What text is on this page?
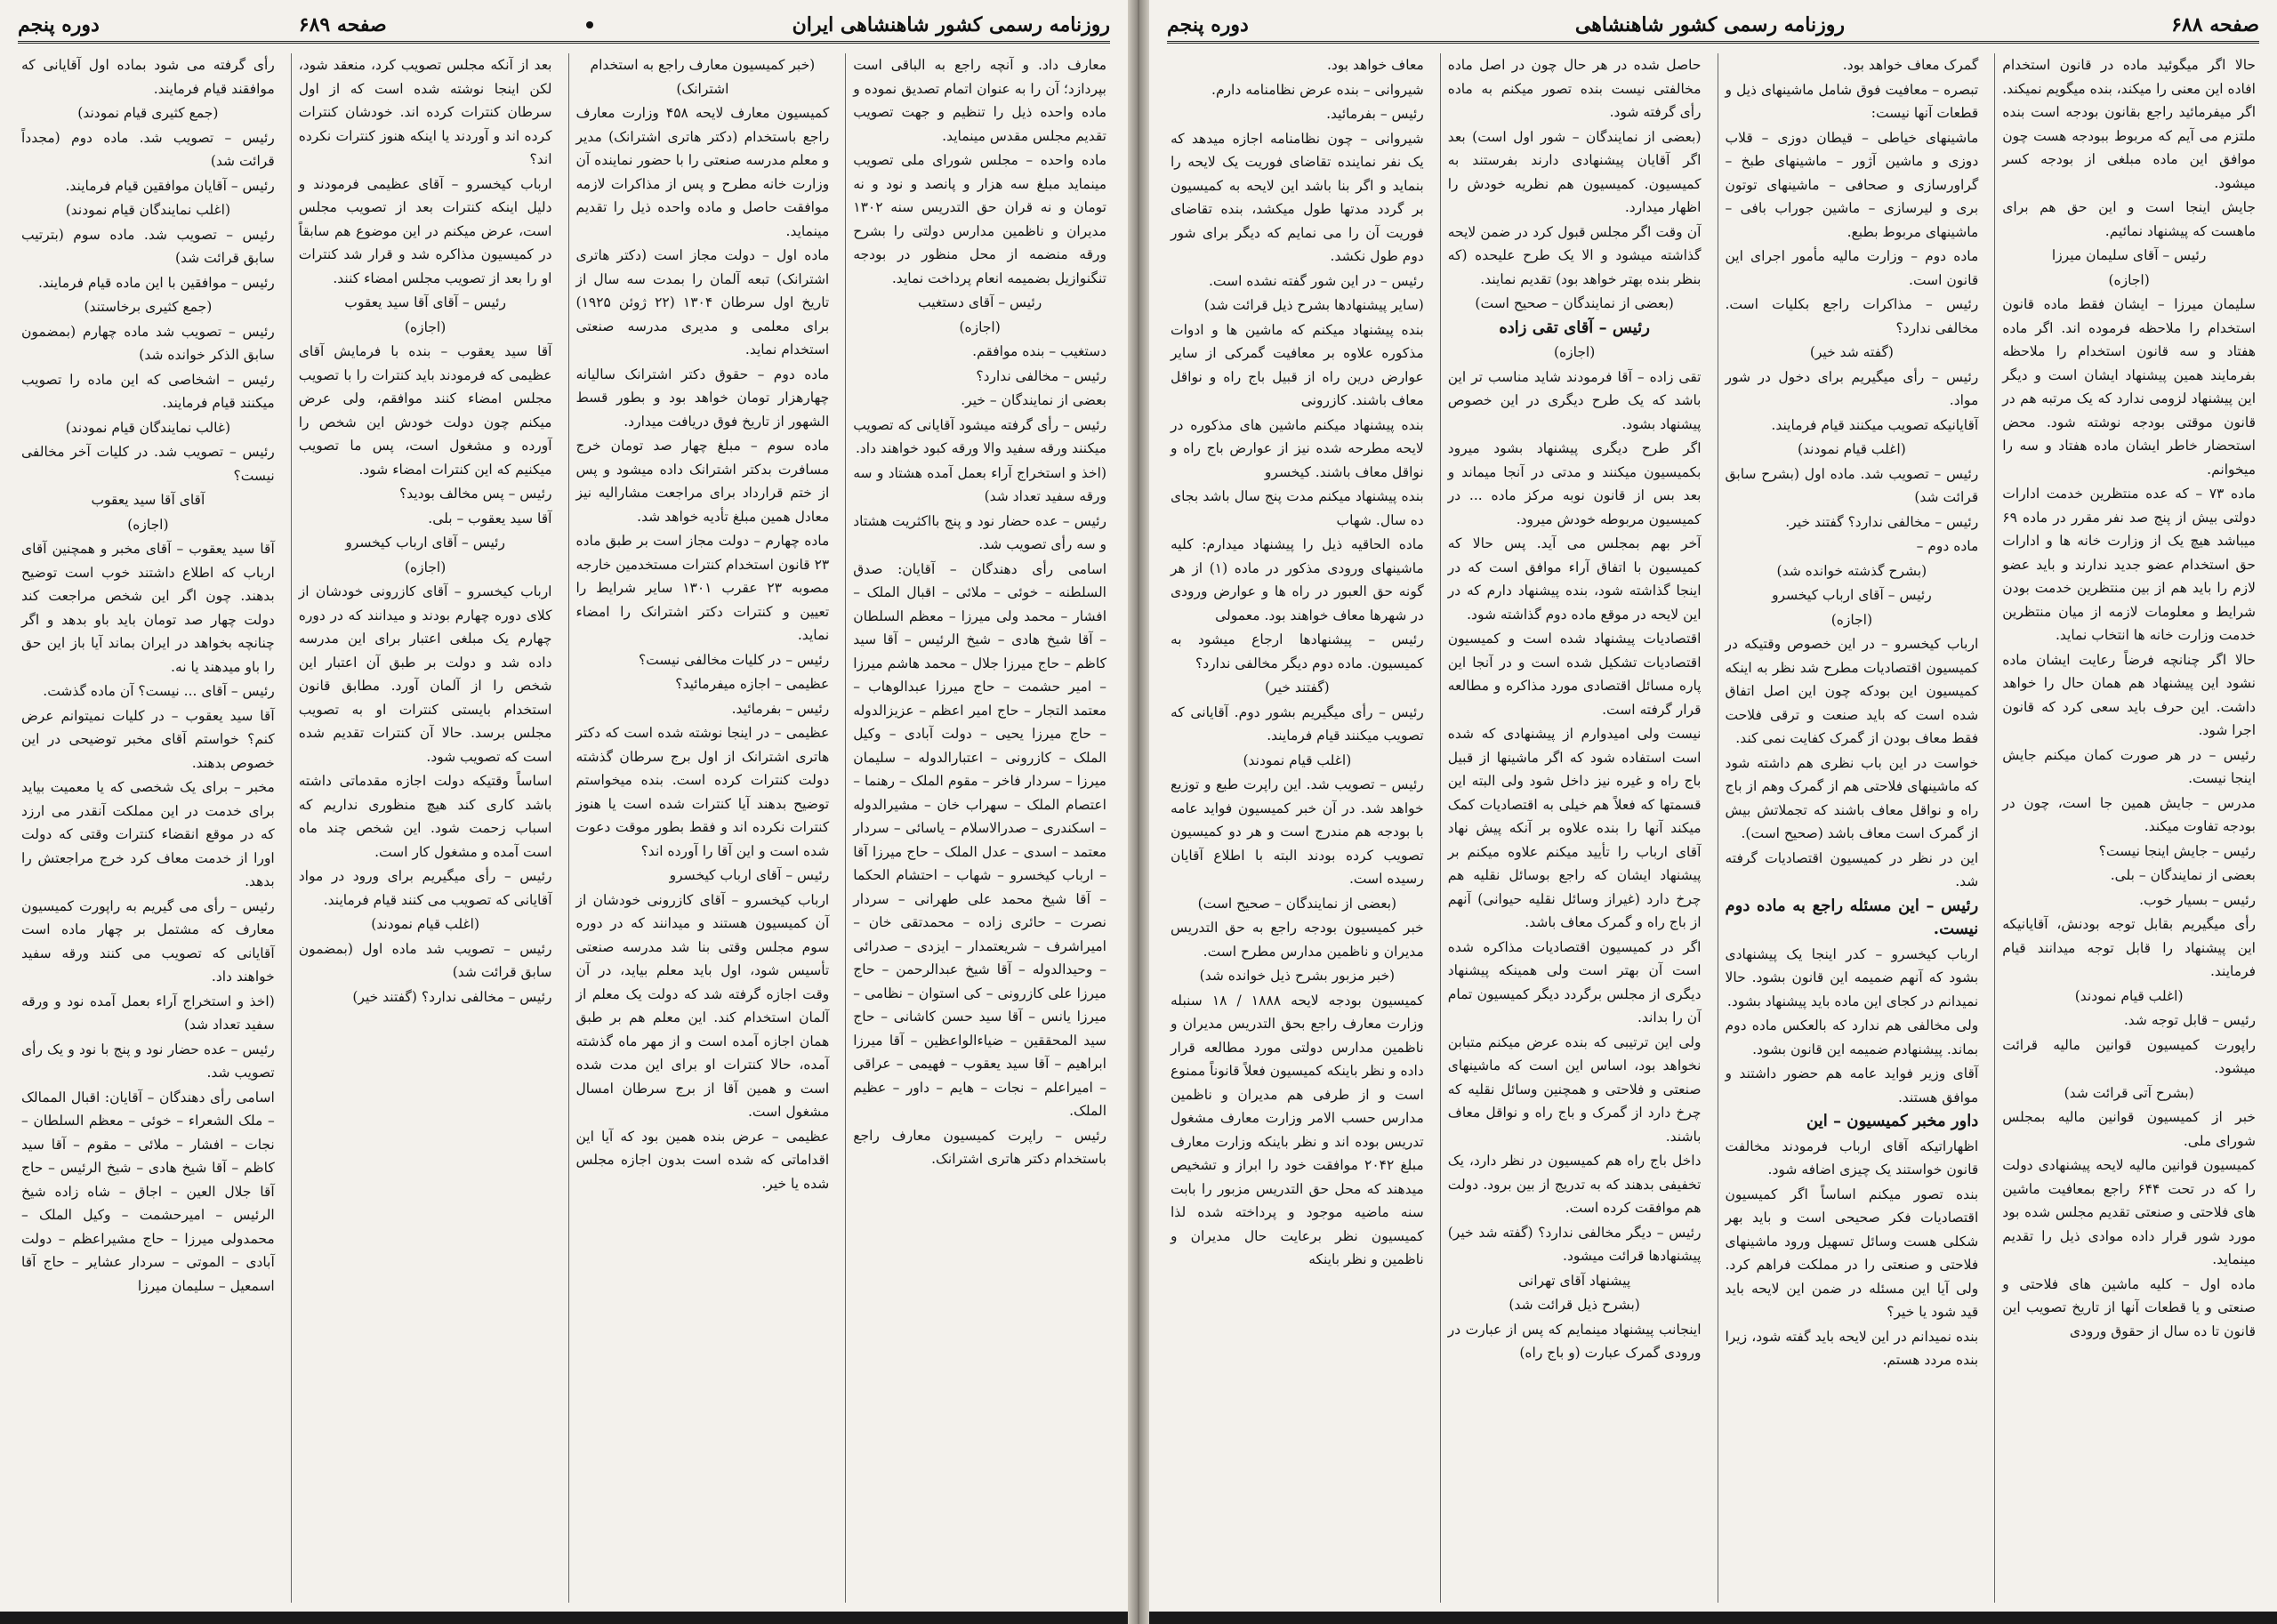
روزنامه رسمی کشور شاهنشاهی ایران
صفحه ۶۸۹
دوره پنجم

معارف داد. و آنچه راجع به الباقی است بپردازد؛ آن را به عنوان اتمام تصدیق نموده و ماده واحده ذیل را تنظیم و جهت تصویب تقدیم مجلس مقدس مینماید.

ماده واحده – مجلس شورای ملی تصویب مینماید مبلغ سه هزار و پانصد و نود و نه تومان و نه قران حق التدریس سنه ۱۳۰۲ مدیران و ناظمین مدارس دولتی را بشرح ورقه منضمه از محل منظور در بودجه تنگنوازیل بضمیمه انعام پرداخت نماید.

رئیس – آقای دستغیب

(اجازه)

دستغیب – بنده موافقم.

رئیس – مخالفی ندارد؟

بعضی از نمایندگان – خیر.

رئیس – رأی گرفته میشود آقایانی که تصویب میکنند ورقه سفید والا ورقه کبود خواهند داد.

(اخذ و استخراج آراء بعمل آمده هشتاد و سه ورقه سفید تعداد شد)

رئیس – عده حضار نود و پنج بااکثریت هشتاد و سه رأی تصویب شد.

اسامی رأی دهندگان – آقایان: صدق السلطنه – خوئی – ملائی – اقبال الملک – افشار – محمد ولی میرزا – معظم السلطان – آقا شیخ هادی – شیخ الرئیس – آقا سید کاظم – حاج میرزا جلال – محمد هاشم میرزا – امیر حشمت – حاج میرزا عبدالوهاب – معتمد التجار – حاج امیر اعظم – عزیزالدوله – حاج میرزا یحیی – دولت آبادی – وکیل الملک – کازرونی – اعتبارالدوله – سلیمان میرزا – سردار فاخر – مقوم الملک – رهنما – اعتصام الملک – سهراب خان – مشیرالدوله – اسکندری – صدرالاسلام – یاسائی – سردار معتمد – اسدی – عدل الملک – حاج میرزا آقا – ارباب کیخسرو – شهاب – احتشام الحکما – آقا شیخ محمد علی طهرانی – سردار نصرت – حائری زاده – محمدتقی خان – امیراشرف – شریعتمدار – ایزدی – صدرائی – وحیدالدوله – آقا شیخ عبدالرحمن – حاج میرزا علی کازرونی – کی استوان – نظامی – میرزا یانس – آقا سید حسن کاشانی – حاج سید المحققین – ضیاءالواعظین – آقا میرزا ابراهیم – آقا سید یعقوب – فهیمی – عراقی – امیراعلم – نجات – هایم – داور – عظیم الملک.

رئیس – راپرت کمیسیون معارف راجع باستخدام دکتر هاتری اشترانک.

(خبر کمیسیون معارف راجع به استخدام اشترانک)

کمیسیون معارف لایحه ۴۵۸ وزارت معارف راجع باستخدام (دکتر هاتری اشترانک) مدیر و معلم مدرسه صنعتی را با حضور نماینده آن وزارت خانه مطرح و پس از مذاکرات لازمه موافقت حاصل و ماده واحده ذیل را تقدیم مینماید.

ماده اول – دولت مجاز است (دکتر هاتری اشترانک) تبعه آلمان را بمدت سه سال از تاریخ اول سرطان ۱۳۰۴ (۲۲ ژوئن ۱۹۲۵) برای معلمی و مدیری مدرسه صنعتی استخدام نماید.

ماده دوم – حقوق دکتر اشترانک سالیانه چهارهزار تومان خواهد بود و بطور قسط الشهور از تاریخ فوق دریافت میدارد.

ماده سوم – مبلغ چهار صد تومان خرج مسافرت بدکتر اشترانک داده میشود و پس از ختم قرارداد برای مراجعت مشارالیه نیز معادل همین مبلغ تأدیه خواهد شد.

ماده چهارم – دولت مجاز است بر طبق ماده ۲۳ قانون استخدام کنترات مستخدمین خارجه مصوبه ۲۳ عقرب ۱۳۰۱ سایر شرایط را تعیین و کنترات دکتر اشترانک را امضاء نماید.

رئیس – در کلیات مخالفی نیست؟

عظیمی – اجازه میفرمائید؟

رئیس – بفرمائید.

عظیمی – در اینجا نوشته شده است که دکتر هاتری اشترانک از اول برج سرطان گذشته دولت کنترات کرده است. بنده میخواستم توضیح بدهند آیا کنترات شده است یا هنوز کنترات نکرده اند و فقط بطور موقت دعوت شده است و این آقا را آورده اند؟

رئیس – آقای ارباب کیخسرو

ارباب کیخسرو – آقای کازرونی خودشان از آن کمیسیون هستند و میدانند که در دوره سوم مجلس وقتی بنا شد مدرسه صنعتی تأسیس شود، اول باید معلم بیاید، در آن وقت اجازه گرفته شد که دولت یک معلم از آلمان استخدام کند. این معلم هم بر طبق همان اجازه آمده است و از مهر ماه گذشته آمده، حالا کنترات او برای این مدت شده است و همین آقا از برج سرطان امسال مشغول است.

عظیمی – عرض بنده همین بود که آیا این اقداماتی که شده است بدون اجازه مجلس شده یا خیر.

بعد از آنکه مجلس تصویب کرد، منعقد شود، لکن اینجا نوشته شده است که از اول سرطان کنترات کرده اند. خودشان کنترات کرده اند و آوردند یا اینکه هنوز کنترات نکرده اند؟

ارباب کیخسرو – آقای عظیمی فرمودند و دلیل اینکه کنترات بعد از تصویب مجلس است، عرض میکنم در این موضوع هم سابقاً در کمیسیون مذاکره شد و قرار شد کنترات او را بعد از تصویب مجلس امضاء کنند.

رئیس – آقای آقا سید یعقوب

(اجازه)

آقا سید یعقوب – بنده با فرمایش آقای عظیمی که فرمودند باید کنترات را با تصویب مجلس امضاء کنند موافقم، ولی عرض میکنم چون دولت خودش این شخص را آورده و مشغول است، پس ما تصویب میکنیم که این کنترات امضاء شود.

رئیس – پس مخالف بودید؟

آقا سید یعقوب – بلی.

رئیس – آقای ارباب کیخسرو

(اجازه)

ارباب کیخسرو – آقای کازرونی خودشان از کلای دوره چهارم بودند و میدانند که در دوره چهارم یک مبلغی اعتبار برای این مدرسه داده شد و دولت بر طبق آن اعتبار این شخص را از آلمان آورد. مطابق قانون استخدام بایستی کنترات او به تصویب مجلس برسد. حالا آن کنترات تقدیم شده است که تصویب شود.

اساساً وقتیکه دولت اجازه مقدماتی داشته باشد کاری کند هیچ منظوری نداریم که اسباب زحمت شود. این شخص چند ماه است آمده و مشغول کار است.

رئیس – رأی میگیریم برای ورود در مواد آقایانی که تصویب می کنند قیام فرمایند.

(اغلب قیام نمودند)

رئیس – تصویب شد ماده اول (بمضمون سابق قرائت شد)

رئیس – مخالفی ندارد؟ (گفتند خیر)

رأی گرفته می شود بماده اول آقایانی که موافقند قیام فرمایند.

(جمع کثیری قیام نمودند)

رئیس – تصویب شد. ماده دوم (مجدداً قرائت شد)

رئیس – آقایان موافقین قیام فرمایند.

(اغلب نمایندگان قیام نمودند)

رئیس – تصویب شد. ماده سوم (بترتیب سابق قرائت شد)

رئیس – موافقین با این ماده قیام فرمایند.

(جمع کثیری برخاستند)

رئیس – تصویب شد ماده چهارم (بمضمون سابق الذکر خوانده شد)

رئیس – اشخاصی که این ماده را تصویب میکنند قیام فرمایند.

(غالب نمایندگان قیام نمودند)

رئیس – تصویب شد. در کلیات آخر مخالفی نیست؟

آقای آقا سید یعقوب

(اجازه)

آقا سید یعقوب – آقای مخبر و همچنین آقای ارباب که اطلاع داشتند خوب است توضیح بدهند. چون اگر این شخص مراجعت کند دولت چهار صد تومان باید باو بدهد و اگر چنانچه بخواهد در ایران بماند آیا باز این حق را باو میدهند یا نه.

رئیس – آقای ... نیست؟ آن ماده گذشت.

آقا سید یعقوب – در کلیات نمیتوانم عرض کنم؟ خواستم آقای مخبر توضیحی در این خصوص بدهند.

مخبر – برای یک شخصی که یا معمیت بیاید برای خدمت در این مملکت آنقدر می ارزد که در موقع انقضاء کنترات وقتی که دولت اورا از خدمت معاف کرد خرج مراجعتش را بدهد.

رئیس – رأی می گیریم به راپورت کمیسیون معارف که مشتمل بر چهار ماده است آقایانی که تصویب می کنند ورقه سفید خواهند داد.

(اخذ و استخراج آراء بعمل آمده نود و ورقه سفید تعداد شد)

رئیس – عده حضار نود و پنج با نود و یک رأی تصویب شد.

اسامی رأی دهندگان – آقایان: اقبال الممالک – ملک الشعراء – خوئی – معظم السلطان – نجات – افشار – ملائی – مقوم – آقا سید کاظم – آقا شیخ هادی – شیخ الرئیس – حاج آقا جلال العین – اجاق – شاه زاده شیخ الرئیس – امیرحشمت – وکیل الملک – محمدولی میرزا – حاج مشیراعظم – دولت آبادی – الموتی – سردار عشایر – حاج آقا اسمعیل – سلیمان میرزا

صفحه ۶۸۸
روزنامه رسمی کشور شاهنشاهی
دوره پنجم

حالا اگر میگوئید ماده در قانون استخدام افاده این معنی را میکند، بنده میگویم نمیکند. اگر میفرمائید راجع بقانون بودجه است بنده ملتزم می آیم که مربوط ببودجه هست چون موافق این ماده مبلغی از بودجه کسر میشود.

جایش اینجا است و این حق هم برای ماهست که پیشنهاد نمائیم.

رئیس – آقای سلیمان میرزا

(اجازه)

سلیمان میرزا – ایشان فقط ماده قانون استخدام را ملاحظه فرموده اند. اگر ماده هفتاد و سه قانون استخدام را ملاحظه بفرمایند همین پیشنهاد ایشان است و دیگر این پیشنهاد لزومی ندارد که یک مرتبه هم در قانون موقتی بودجه نوشته شود. محض استحضار خاطر ایشان ماده هفتاد و سه را میخوانم.

ماده ۷۳ – که عده منتظرین خدمت ادارات دولتی بیش از پنج صد نفر مقرر در ماده ۶۹ میباشد هیچ یک از وزارت خانه ها و ادارات حق استخدام عضو جدید ندارند و باید عضو لازم را باید هم از بین منتظرین خدمت بودن شرایط و معلومات لازمه از میان منتظرین خدمت وزارت خانه ها انتخاب نماید.

حالا اگر چنانچه فرضاً رعایت ایشان ماده نشود این پیشنهاد هم همان حال را خواهد داشت. این حرف باید سعی کرد که قانون اجرا شود.

رئیس – در هر صورت کمان میکنم جایش اینجا نیست.

مدرس – جایش همین جا است، چون در بودجه تفاوت میکند.

رئیس – جایش اینجا نیست؟

بعضی از نمایندگان – بلی.

رئیس – بسیار خوب.

رأی میگیریم بقابل توجه بودنش، آقایانیکه این پیشنهاد را قابل توجه میدانند قیام فرمایند.

(اغلب قیام نمودند)

رئیس – قابل توجه شد.

راپورت کمیسیون قوانین مالیه قرائت میشود.

(بشرح آتی قرائت شد)

خبر از کمیسیون قوانین مالیه بمجلس شورای ملی.

کمیسیون قوانین مالیه لایحه پیشنهادی دولت را که در تحت ۶۴۴ راجع بمعافیت ماشین های فلاحتی و صنعتی تقدیم مجلس شده بود مورد شور قرار داده موادی ذیل را تقدیم مینماید.

ماده اول – کلیه ماشین های فلاحتی و صنعتی و یا قطعات آنها از تاریخ تصویب این قانون تا ده سال از حقوق ورودی

گمرک معاف خواهد بود.

تبصره – معافیت فوق شامل ماشینهای ذیل و قطعات آنها نیست:

ماشینهای خیاطی – قیطان دوزی – قلاب دوزی و ماشین آژور – ماشینهای طبخ – گراورسازی و صحافی – ماشینهای توتون بری و لیرسازی – ماشین جوراب بافی – ماشینهای مربوط بطبع.

ماده دوم – وزارت مالیه مأمور اجرای این قانون است.

رئیس – مذاکرات راجع بکلیات است. مخالفی ندارد؟

(گفته شد خیر)

رئیس – رأی میگیریم برای دخول در شور مواد.

آقایانیکه تصویب میکنند قیام فرمایند.

(اغلب قیام نمودند)

رئیس – تصویب شد. ماده اول (بشرح سابق قرائت شد)

رئیس – مخالفی ندارد؟ گفتند خیر.

ماده دوم –

(بشرح گذشته خوانده شد)

رئیس – آقای ارباب کیخسرو

(اجازه)

ارباب کیخسرو – در این خصوص وقتیکه در کمیسیون اقتصادیات مطرح شد نظر به اینکه کمیسیون این بودکه چون این اصل اتفاق شده است که باید صنعت و ترقی فلاحت فقط معاف بودن از گمرک کفایت نمی کند.

خواست در این باب نظری هم داشته شود که ماشینهای فلاحتی هم از گمرک وهم از باج راه و نواقل معاف باشند که تجملاتش بیش از گمرک است معاف باشد (صحیح است).

این در نظر در کمیسیون اقتصادیات گرفته شد.

رئیس – این مسئله راجع به ماده دوم نیست.

ارباب کیخسرو – کدر اینجا یک پیشنهادی بشود که آنهم ضمیمه این قانون بشود. حالا نمیدانم در کجای این ماده باید پیشنهاد بشود.

ولی مخالفی هم ندارد که بالعکس ماده دوم بماند. پیشنهادم ضمیمه این قانون بشود.

آقای وزیر فواید عامه هم حضور داشتند و موافق هستند.

داور مخبر کمیسیون – این

اظهاراتیکه آقای ارباب فرمودند مخالفت قانون خواستند یک چیزی اضافه شود.

بنده تصور میکنم اساساً اگر کمیسیون اقتصادیات فکر صحیحی است و باید بهر شکلی هست وسائل تسهیل ورود ماشینهای فلاحتی و صنعتی را در مملکت فراهم کرد. ولی آیا این مسئله در ضمن این لایحه باید قید شود یا خیر؟

بنده نمیدانم در این لایحه باید گفته شود، زیرا بنده مردد هستم.

حاصل شده در هر حال چون در اصل ماده مخالفتی نیست بنده تصور میکنم به ماده رأی گرفته شود.

(بعضی از نمایندگان – شور اول است) بعد اگر آقایان پیشنهادی دارند بفرستند به کمیسیون. کمیسیون هم نظریه خودش را اظهار میدارد.

آن وقت اگر مجلس قبول کرد در ضمن لایحه گذاشته میشود و الا یک طرح علیحده (که بنظر بنده بهتر خواهد بود) تقدیم نمایند.

(بعضی از نمایندگان – صحیح است)

رئیس – آقای تقی زاده

(اجازه)

تقی زاده – آقا فرمودند شاید مناسب تر این باشد که یک طرح دیگری در این خصوص پیشنهاد بشود.

اگر طرح دیگری پیشنهاد بشود میرود بکمیسیون میکنند و مدتی در آنجا میماند و بعد بس از قانون نوبه مرکز ماده ... در کمیسیون مربوطه خودش میرود.

آخر بهم بمجلس می آید. پس حالا که کمیسیون با اتفاق آراء موافق است که در اینجا گذاشته شود، بنده پیشنهاد دارم که در این لایحه در موقع ماده دوم گذاشته شود.

اقتصادیات پیشنهاد شده است و کمیسیون اقتصادیات تشکیل شده است و در آنجا این پاره مسائل اقتصادی مورد مذاکره و مطالعه قرار گرفته است.

نیست ولی امیدوارم از پیشنهادی که شده است استفاده شود که اگر ماشینها از قبیل باج راه و غیره نیز داخل شود ولی البته این قسمتها که فعلاً هم خیلی به اقتصادیات کمک میکند آنها را بنده علاوه بر آنکه پیش نهاد آقای ارباب را تأیید میکنم علاوه میکنم بر پیشنهاد ایشان که راجع بوسائل نقلیه هم چرخ دارد (غیراز وسائل نقلیه حیوانی) آنهم از باج راه و گمرک معاف باشد.

اگر در کمیسیون اقتصادیات مذاکره شده است آن بهتر است ولی همینکه پیشنهاد دیگری از مجلس برگردد دیگر کمیسیون تمام آن را بداند.

ولی این ترتیبی که بنده عرض میکنم متبابن نخواهد بود، اساس این است که ماشینهای صنعتی و فلاحتی و همچنین وسائل نقلیه که چرخ دارد از گمرک و باج راه و نواقل معاف باشند.

داخل باج راه هم کمیسیون در نظر دارد، یک تخفیفی بدهند که به تدریج از بین برود. دولت هم موافقت کرده است.

رئیس – دیگر مخالفی ندارد؟ (گفته شد خیر) پیشنهادها قرائت میشود.

پیشنهاد آقای تهرانی

(بشرح ذیل قرائت شد)

اینجانب پیشنهاد مینمایم که پس از عبارت در ورودی گمرک عبارت (و باج راه)

معاف خواهد بود.

شیروانی – بنده عرض نظامنامه دارم.

رئیس – بفرمائید.

شیروانی – چون نظامنامه اجازه میدهد که یک نفر نماینده تقاضای فوریت یک لایحه را بنماید و اگر بنا باشد این لایحه به کمیسیون بر گردد مدتها طول میکشد، بنده تقاضای فوریت آن را می نمایم که دیگر برای شور دوم طول نکشد.

رئیس – در این شور گفته نشده است.

(سایر پیشنهادها بشرح ذیل قرائت شد)

بنده پیشنهاد میکنم که ماشین ها و ادوات مذکوره علاوه بر معافیت گمرکی از سایر عوارض درین راه از قبیل باج راه و نواقل معاف باشند. کازرونی

بنده پیشنهاد میکنم ماشین های مذکوره در لایحه مطرحه شده نیز از عوارض باج راه و نواقل معاف باشند. کیخسرو

بنده پیشنهاد میکنم مدت پنج سال باشد بجای ده سال. شهاب

ماده الحاقیه ذیل را پیشنهاد میدارم: کلیه ماشینهای ورودی مذکور در ماده (۱) از هر گونه حق العبور در راه ها و عوارض ورودی در شهرها معاف خواهند بود. معمولی

رئیس – پیشنهادها ارجاع میشود به کمیسیون. ماده دوم دیگر مخالفی ندارد؟

(گفتند خیر)

رئیس – رأی میگیریم بشور دوم. آقایانی که تصویب میکنند قیام فرمایند.

(اغلب قیام نمودند)

رئیس – تصویب شد. این راپرت طبع و توزیع خواهد شد. در آن خبر کمیسیون فواید عامه با بودجه هم مندرج است و هر دو کمیسیون تصویب کرده بودند البته با اطلاع آقایان رسیده است.

(بعضی از نمایندگان – صحیح است)

خبر کمیسیون بودجه راجع به حق التدریس مدیران و ناظمین مدارس مطرح است.

(خبر مزبور بشرح ذیل خوانده شد)

کمیسیون بودجه لایحه ۱۸۸۸ / ۱۸ سنبله وزارت معارف راجع بحق التدریس مدیران و ناظمین مدارس دولتی مورد مطالعه قرار داده و نظر باینکه کمیسیون فعلاً قانوناً ممنوع است و از طرفی هم مدیران و ناظمین مدارس حسب الامر وزارت معارف مشغول تدریس بوده اند و نظر باینکه وزارت معارف مبلغ ۲۰۴۲ موافقت خود را ابراز و تشخیص میدهند که محل حق التدریس مزبور را بابت سنه ماضیه موجود و پرداخته شده لذا کمیسیون نظر برعایت حال مدیران و ناظمین و نظر باینکه
